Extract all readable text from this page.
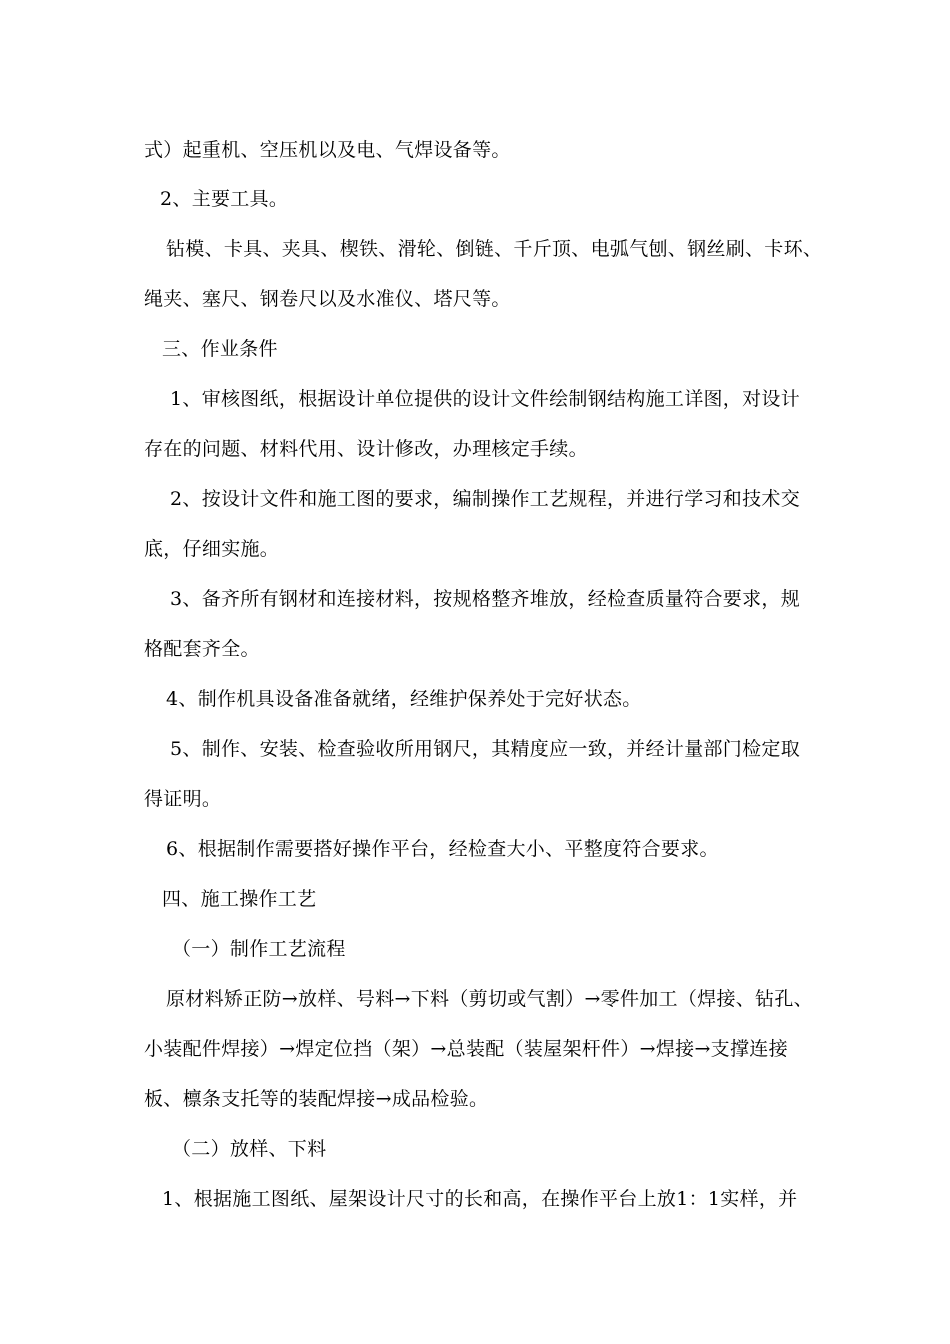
式）起重机、空压机以及电、气焊设备等。
2、主要工具。
钻模、卡具、夹具、楔铁、滑轮、倒链、千斤顶、电弧气刨、钢丝刷、卡环、
绳夹、塞尺、钢卷尺以及水准仪、塔尺等。
三、作业条件
1、审核图纸，根据设计单位提供的设计文件绘制钢结构施工详图，对设计
存在的问题、材料代用、设计修改，办理核定手续。
2、按设计文件和施工图的要求，编制操作工艺规程，并进行学习和技术交
底，仔细实施。
3、备齐所有钢材和连接材料，按规格整齐堆放，经检查质量符合要求，规
格配套齐全。
4、制作机具设备准备就绪，经维护保养处于完好状态。
5、制作、安装、检查验收所用钢尺，其精度应一致，并经计量部门检定取
得证明。
6、根据制作需要搭好操作平台，经检查大小、平整度符合要求。
四、施工操作工艺
（一）制作工艺流程
原材料矫正防→放样、号料→下料（剪切或气割）→零件加工（焊接、钻孔、
小装配件焊接）→焊定位挡（架）→总装配（装屋架杆件）→焊接→支撑连接
板、檩条支托等的装配焊接→成品检验。
（二）放样、下料
1、根据施工图纸、屋架设计尺寸的长和高，在操作平台上放1：1实样，并
